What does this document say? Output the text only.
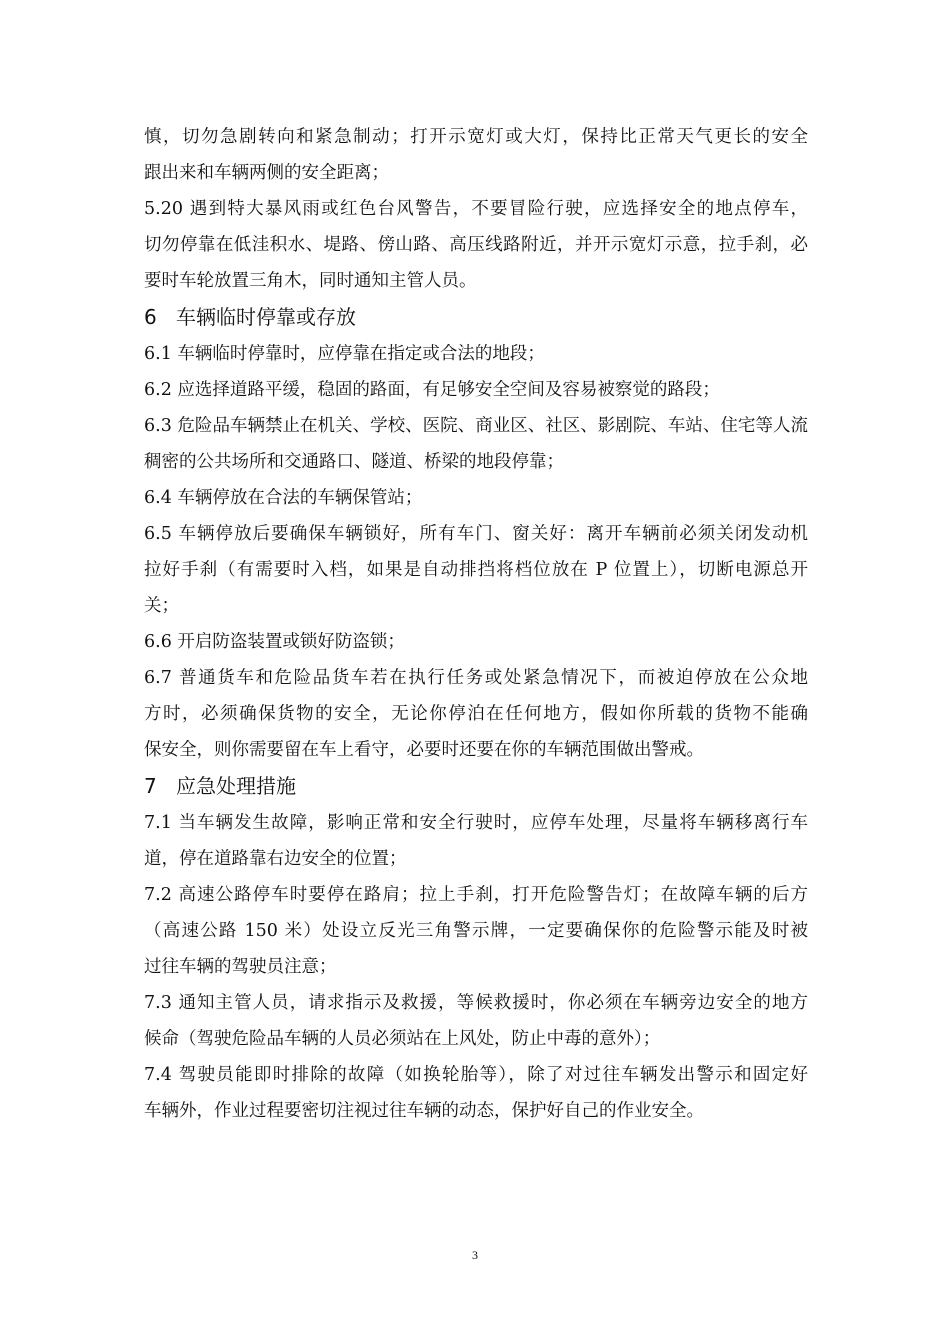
慎，切勿急剧转向和紧急制动；打开示宽灯或大灯，保持比正常天气更长的安全
跟出来和车辆两侧的安全距离；
5.20 遇到特大暴风雨或红色台风警告，不要冒险行驶，应选择安全的地点停车，
切勿停靠在低洼积水、堤路、傍山路、高压线路附近，并开示宽灯示意，拉手刹，必
要时车轮放置三角木，同时通知主管人员。
6 车辆临时停靠或存放
6.1 车辆临时停靠时，应停靠在指定或合法的地段；
6.2 应选择道路平缓，稳固的路面，有足够安全空间及容易被察觉的路段；
6.3 危险品车辆禁止在机关、学校、医院、商业区、社区、影剧院、车站、住宅等人流
稠密的公共场所和交通路口、隧道、桥梁的地段停靠；
6.4 车辆停放在合法的车辆保管站；
6.5 车辆停放后要确保车辆锁好，所有车门、窗关好：离开车辆前必须关闭发动机
拉好手刹（有需要时入档，如果是自动排挡将档位放在 P 位置上），切断电源总开
关；
6.6 开启防盗装置或锁好防盗锁；
6.7 普通货车和危险品货车若在执行任务或处紧急情况下，而被迫停放在公众地
方时，必须确保货物的安全，无论你停泊在任何地方，假如你所载的货物不能确
保安全，则你需要留在车上看守，必要时还要在你的车辆范围做出警戒。
7 应急处理措施
7.1 当车辆发生故障，影响正常和安全行驶时，应停车处理，尽量将车辆移离行车
道，停在道路靠右边安全的位置；
7.2 高速公路停车时要停在路肩；拉上手刹，打开危险警告灯；在故障车辆的后方
（高速公路 150 米）处设立反光三角警示牌，一定要确保你的危险警示能及时被
过往车辆的驾驶员注意；
7.3 通知主管人员，请求指示及救援，等候救援时，你必须在车辆旁边安全的地方
候命（驾驶危险品车辆的人员必须站在上风处，防止中毒的意外）；
7.4 驾驶员能即时排除的故障（如换轮胎等），除了对过往车辆发出警示和固定好
车辆外，作业过程要密切注视过往车辆的动态，保护好自己的作业安全。
3
